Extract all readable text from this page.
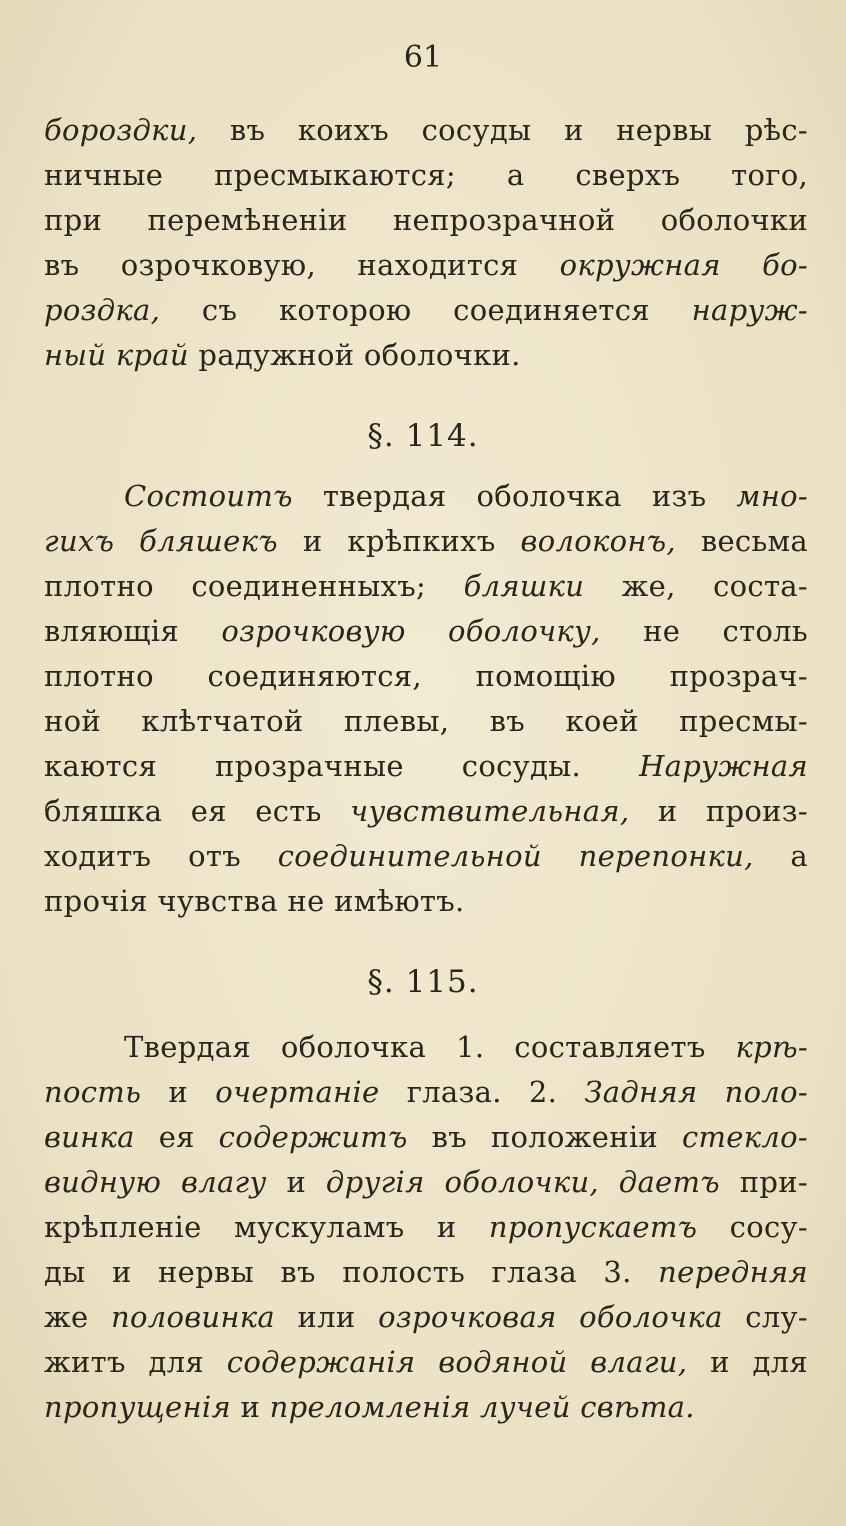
61
бороздки, въ коихъ сосуды и нервы рѣс-
ничные пресмыкаются; а сверхъ того,
при перемѣненіи непрозрачной оболочки
въ озрочковую, находится окружная бо-
роздка, съ которою соединяется наруж-
ный край радужной оболочки.
§. 114.
Состоитъ твердая оболочка изъ мно-
гихъ бляшекъ и крѣпкихъ волоконъ, весьма
плотно соединенныхъ; бляшки же, соста-
вляющія озрочковую оболочку, не столь
плотно соединяются, помощію прозрач-
ной клѣтчатой плевы, въ коей пресмы-
каются прозрачные сосуды. Наружная
бляшка ея есть чувствительная, и произ-
ходитъ отъ соединительной перепонки, а
прочія чувства не имѣютъ.
§. 115.
Твердая оболочка 1. составляетъ крѣ-
пость и очертаніе глаза. 2. Задняя поло-
винка ея содержитъ въ положеніи стекло-
видную влагу и другія оболочки, даетъ при-
крѣпленіе мускуламъ и пропускаетъ сосу-
ды и нервы въ полость глаза 3. передняя
же половинка или озрочковая оболочка слу-
житъ для содержанія водяной влаги, и для
пропущенія и преломленія лучей свѣта.
